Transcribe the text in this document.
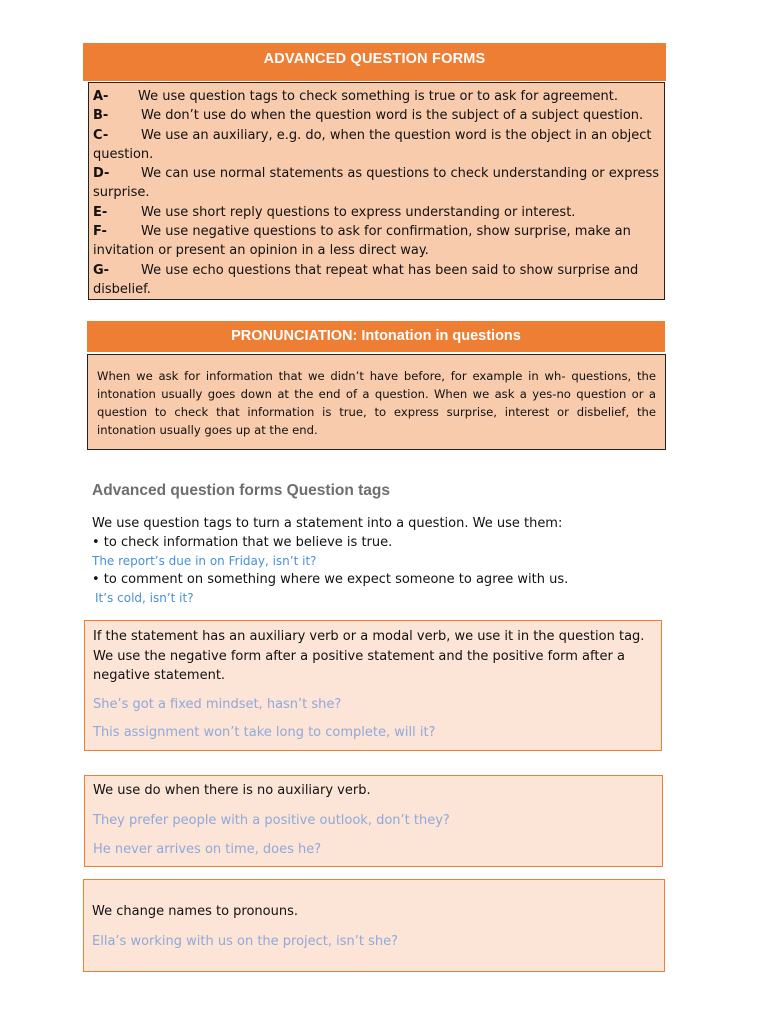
ADVANCED QUESTION FORMS
A- We use question tags to check something is true or to ask for agreement.
B-	We don’t use do when the question word is the subject of a subject question.
C-	We use an auxiliary, e.g. do, when the question word is the object in an object question.
D- We can use normal statements as questions to check understanding or express surprise.
E-	We use short reply questions to express understanding or interest.
F-	We use negative questions to ask for confirmation, show surprise, make an invitation or present an opinion in a less direct way.
G- We use echo questions that repeat what has been said to show surprise and disbelief.
PRONUNCIATION: Intonation in questions
When we ask for information that we didn’t have before, for example in wh- questions, the intonation usually goes down at the end of a question. When we ask a yes-no question or a question to check that information is true, to express surprise, interest or disbelief, the intonation usually goes up at the end.
Advanced question forms Question tags
We use question tags to turn a statement into a question. We use them:
• to check information that we believe is true.
The report’s due in on Friday, isn’t it?
• to comment on something where we expect someone to agree with us.
It’s cold, isn’t it?
If the statement has an auxiliary verb or a modal verb, we use it in the question tag. We use the negative form after a positive statement and the positive form after a negative statement.
She’s got a fixed mindset, hasn’t she?
This assignment won’t take long to complete, will it?
We use do when there is no auxiliary verb.
They prefer people with a positive outlook, don’t they?
He never arrives on time, does he?
We change names to pronouns.
Ella’s working with us on the project, isn’t she?
